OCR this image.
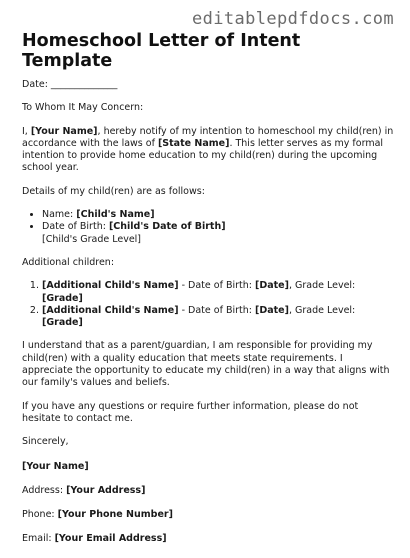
editablepdfdocs.com
Homeschool Letter of Intent Template

Date: ______________

To Whom It May Concern:

I, [Your Name], hereby notify of my intention to homeschool my child(ren) in accordance with the laws of [State Name]. This letter serves as my formal intention to provide home education to my child(ren) during the upcoming school year.

Details of my child(ren) are as follows:

• Name: [Child's Name]
• Date of Birth: [Child's Date of Birth]
[Child's Grade Level]

Additional children:

1. [Additional Child's Name] - Date of Birth: [Date], Grade Level: [Grade]
2. [Additional Child's Name] - Date of Birth: [Date], Grade Level: [Grade]

I understand that as a parent/guardian, I am responsible for providing my child(ren) with a quality education that meets state requirements. I appreciate the opportunity to educate my child(ren) in a way that aligns with our family's values and beliefs.

If you have any questions or require further information, please do not hesitate to contact me.

Sincerely,

[Your Name]

Address: [Your Address]

Phone: [Your Phone Number]

Email: [Your Email Address]
